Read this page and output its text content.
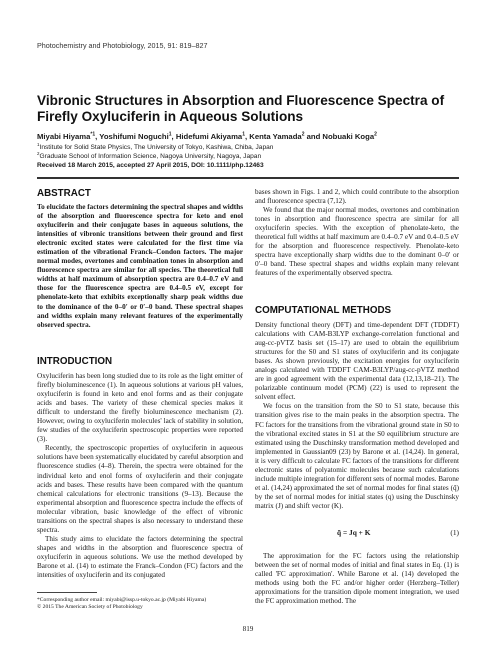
Photochemistry and Photobiology, 2015, 91: 819–827
Vibronic Structures in Absorption and Fluorescence Spectra of Firefly Oxyluciferin in Aqueous Solutions
Miyabi Hiyama$^{*1}$, Yoshifumi Noguchi$^1$, Hidefumi Akiyama$^1$, Kenta Yamada$^2$ and Nobuaki Koga$^2$
$^1$Institute for Solid State Physics, The University of Tokyo, Kashiwa, Chiba, Japan
$^2$Graduate School of Information Science, Nagoya University, Nagoya, Japan
Received 18 March 2015, accepted 27 April 2015, DOI: 10.1111/php.12463
ABSTRACT

To elucidate the factors determining the spectral shapes and widths of the absorption and fluorescence spectra for keto and enol oxyluciferin and their conjugate bases in aqueous solutions, the intensities of vibronic transitions between their ground and first electronic excited states were calculated for the first time via estimation of the vibrational Franck–Condon factors. The major normal modes, overtones and combination tones in absorption and fluorescence spectra are similar for all species. The theoretical full widths at half maximum of absorption spectra are 0.4–0.7 eV and those for the fluorescence spectra are 0.4–0.5 eV, except for phenolate-keto that exhibits exceptionally sharp peak widths due to the dominance of the 0–0′ or 0′–0 band. These spectral shapes and widths explain many relevant features of the experimentally observed spectra.

INTRODUCTION

Oxyluciferin has been long studied due to its role as the light emitter of firefly bioluminescence (1). In aqueous solutions at various pH values, oxyluciferin is found in keto and enol forms and as their conjugate acids and bases. The variety of these chemical species makes it difficult to understand the firefly bioluminescence mechanism (2). However, owing to oxyluciferin molecules' lack of stability in solution, few studies of the oxyluciferin spectroscopic properties were reported (3).

Recently, the spectroscopic properties of oxyluciferin in aqueous solutions have been systematically elucidated by careful absorption and fluorescence studies (4–8). Therein, the spectra were obtained for the individual keto and enol forms of oxyluciferin and their conjugate acids and bases. These results have been compared with the quantum chemical calculations for electronic transitions (9–13). Because the experimental absorption and fluorescence spectra include the effects of molecular vibration, basic knowledge of the effect of vibronic transitions on the spectral shapes is also necessary to understand these spectra.

This study aims to elucidate the factors determining the spectral shapes and widths in the absorption and fluorescence spectra of oxyluciferin in aqueous solutions. We use the method developed by Barone et al. (14) to estimate the Franck–Condon (FC) factors and the intensities of oxyluciferin and its conjugated

*Corresponding author email: miyabi@issp.u-tokyo.ac.jp (Miyabi Hiyama)
© 2015 The American Society of Photobiology

bases shown in Figs. 1 and 2, which could contribute to the absorption and fluorescence spectra (7,12).

We found that the major normal modes, overtones and combination tones in absorption and fluorescence spectra are similar for all oxyluciferin species. With the exception of phenolate-keto, the theoretical full widths at half maximum are 0.4–0.7 eV and 0.4–0.5 eV for the absorption and fluorescence respectively. Phenolate-keto spectra have exceptionally sharp widths due to the dominant 0–0′ or 0′–0 band. These spectral shapes and widths explain many relevant features of the experimentally observed spectra.

COMPUTATIONAL METHODS

Density functional theory (DFT) and time-dependent DFT (TDDFT) calculations with CAM-B3LYP exchange-correlation functional and aug-cc-pVTZ basis set (15–17) are used to obtain the equilibrium structures for the S0 and S1 states of oxyluciferin and its conjugate bases. As shown previously, the excitation energies for oxyluciferin analogs calculated with TDDFT CAM-B3LYP/aug-cc-pVTZ method are in good agreement with the experimental data (12,13,18–21). The polarizable continuum model (PCM) (22) is used to represent the solvent effect.

We focus on the transition from the S0 to S1 state, because this transition gives rise to the main peaks in the absorption spectra. The FC factors for the transitions from the vibrational ground state in S0 to the vibrational excited states in S1 at the S0 equilibrium structure are estimated using the Duschinsky transformation method developed and implemented in Gaussian09 (23) by Barone et al. (14,24). In general, it is very difficult to calculate FC factors of the transitions for different electronic states of polyatomic molecules because such calculations include multiple integration for different sets of normal modes. Barone et al. (14,24) approximated the set of normal modes for final states (q̃) by the set of normal modes for initial states (q) using the Duschinsky matrix (J) and shift vector (K).

q̃ = Jq + K	(1)

The approximation for the FC factors using the relationship between the set of normal modes of initial and final states in Eq. (1) is called 'FC approximation'. While Barone et al. (14) developed the methods using both the FC and/or higher order (Herzberg–Teller) approximations for the transition dipole moment integration, we used the FC approximation method. The

819
